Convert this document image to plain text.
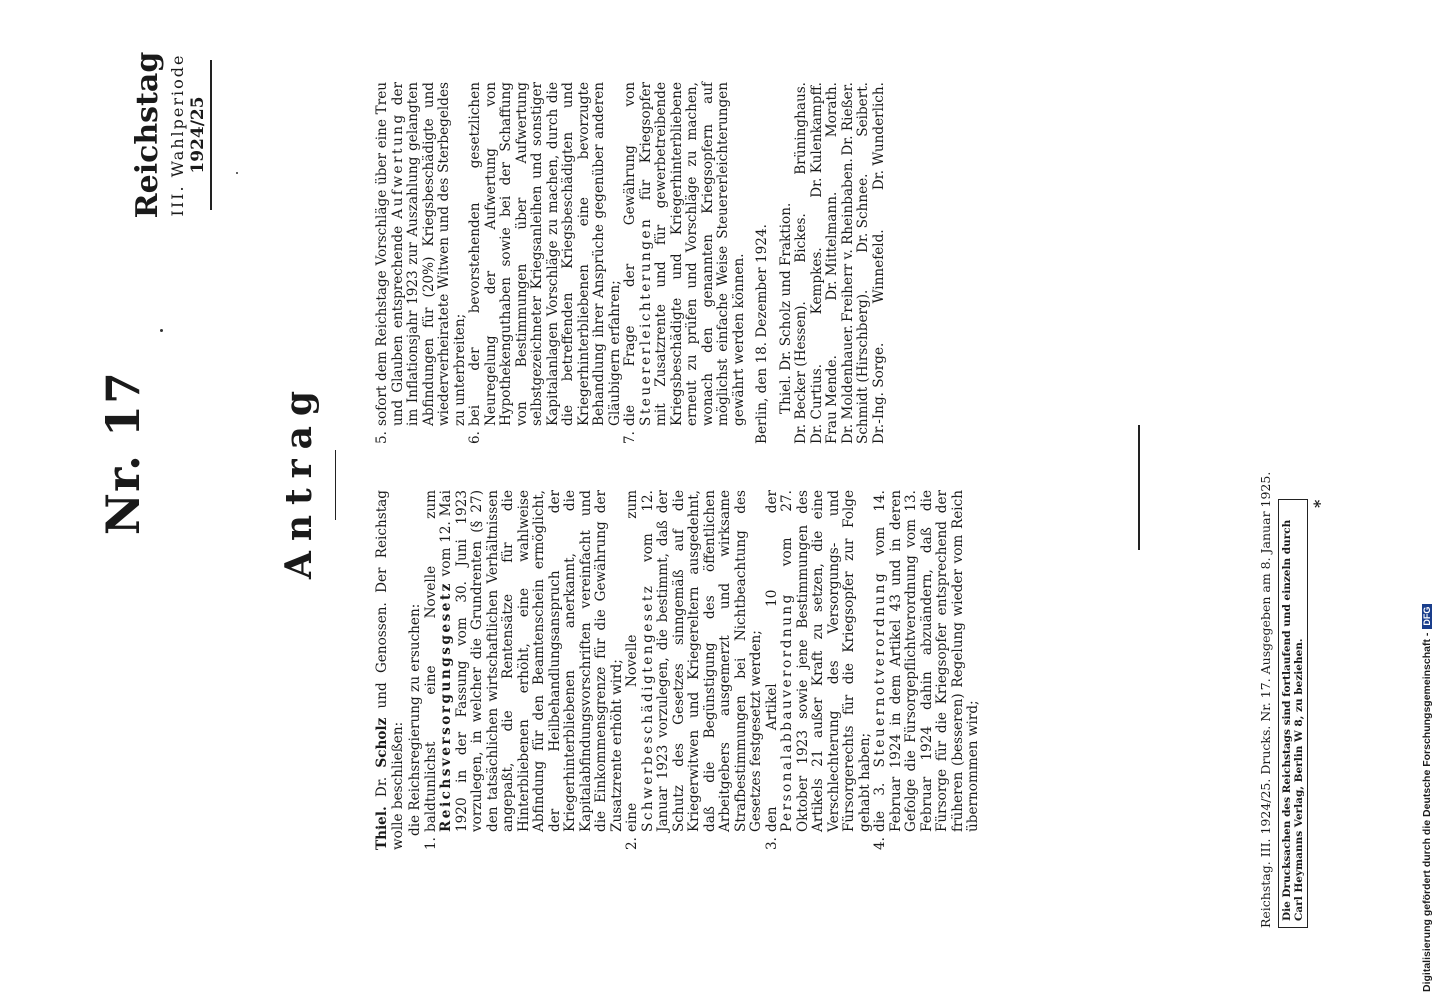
Nr. 17
Reichstag III. Wahlperiode 1924/25
Antrag

Thiel. Dr. Scholz und Genossen. Der Reichstag wolle beschließen: die Reichsregierung zu ersuchen:

1.
baldtunlichst eine Novelle zum Reichsversorgungsgesetz vom 12. Mai 1920 in der Fassung vom 30. Juni 1923 vorzulegen, in welcher die Grundrenten (§ 27) den tatsächlichen wirtschaftlichen Verhältnissen angepaßt, die Rentensätze für die Hinterbliebenen erhöht, eine wahlweise Abfindung für den Beamtenschein ermöglicht, der Heilbehandlungsanspruch der Kriegerhinterbliebenen anerkannt, die Kapitalabfindungsvorschriften vereinfacht und die Einkommensgrenze für die Gewährung der Zusatzrente erhöht wird;
2.
eine Novelle zum Schwerbeschädigtengesetz vom 12. Januar 1923 vorzulegen, die bestimmt, daß der Schutz des Gesetzes sinngemäß auf die Kriegerwitwen und Kriegereltern ausgedehnt, daß die Begünstigung des öffentlichen Arbeitgebers ausgemerzt und wirksame Strafbestimmungen bei Nichtbeachtung des Gesetzes festgesetzt werden;
3.
den Artikel 10 der Personalabbauverordnung vom 27. Oktober 1923 sowie jene Bestimmungen des Artikels 21 außer Kraft zu setzen, die eine Verschlechterung des Versorgungs- und Fürsorgerechts für die Kriegsopfer zur Folge gehabt haben;
4.
die 3. Steuernotverordnung vom 14. Februar 1924 in dem Artikel 43 und in deren Gefolge die Fürsorgepflichtverordnung vom 13. Februar 1924 dahin abzuändern, daß die Fürsorge für die Kriegsopfer entsprechend der früheren (besseren) Regelung wieder vom Reich übernommen wird;
5.
sofort dem Reichstage Vorschläge über eine Treu und Glauben entsprechende Aufwertung der im Inflationsjahr 1923 zur Auszahlung gelangten Abfindungen für (20%) Kriegsbeschädigte und wiederverheiratete Witwen und des Sterbegeldes zu unterbreiten;
6.
bei der bevorstehenden gesetzlichen Neuregelung der Aufwertung von Hypothekenguthaben sowie bei der Schaffung von Bestimmungen über Aufwertung selbstgezeichneter Kriegsanleihen und sonstiger Kapitalanlagen Vorschläge zu machen, durch die die betreffenden Kriegsbeschädigten und Kriegerhinterbliebenen eine bevorzugte Behandlung ihrer Ansprüche gegenüber anderen Gläubigern erfahren;
7.
die Frage der Gewährung von Steuererleichterungen für Kriegsopfer mit Zusatzrente und für gewerbetreibende Kriegsbeschädigte und Kriegerhinterbliebene erneut zu prüfen und Vorschläge zu machen, wonach den genannten Kriegsopfern auf möglichst einfache Weise Steuererleichterungen gewährt werden können. Berlin, den 18. Dezember 1924. Thiel. Dr. Scholz und Fraktion. Dr. Becker (Hessen).
Bickes.
Brüninghaus.
Dr. Curtius.
Kempkes.
Dr. Kulenkampff.
Frau Mende.
Dr. Mittelmann.
Morath.
Dr. Moldenhauer.
Freiherr v. Rheinbaben.
Dr. Rießer.
Schmidt (Hirschberg).
Dr. Schnee.
Seibert.
Dr.-Ing. Sorge.
Winnefeld.
Dr. Wunderlich.
Reichstag. III. 1924/25. Drucks. Nr. 17. Ausgegeben am 8. Januar 1925. Die Drucksachen des Reichstags sind fortlaufend und einzeln durch Carl Heymanns Verlag, Berlin W 8, zu beziehen.
*
Digitalisierung gefördert durch die Deutsche Forschungsgemeinschaft -DFG
